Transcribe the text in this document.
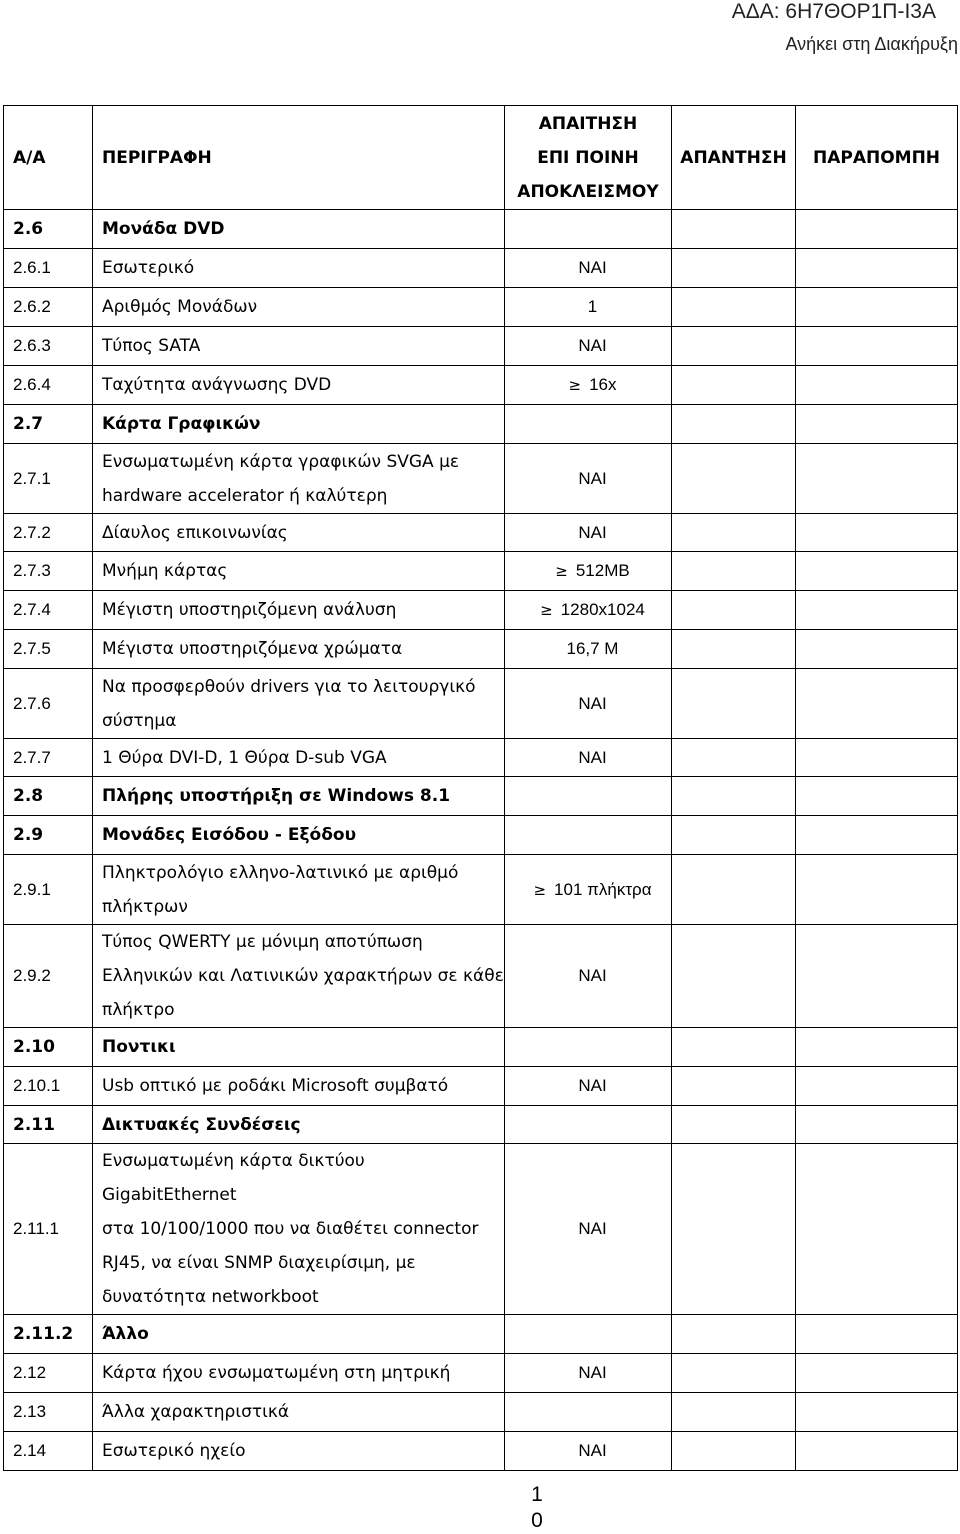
ΑΔΑ: 6Η7ΘΟΡ1Π-Ι3Α
Ανήκει στη Διακήρυξη
Α/Α	ΠΕΡΙΓΡΑΦΗ	ΑΠΑΙΤΗΣΗ
ΕΠΙ ΠΟΙΝΗ
ΑΠΟΚΛΕΙΣΜΟΥ	ΑΠΑΝΤΗΣΗ	ΠΑΡΑΠΟΜΠΗ
2.6	Μονάδα DVD			
2.6.1	Εσωτερικό	ΝΑΙ		
2.6.2	Αριθμός Μονάδων	1		
2.6.3	Τύπος SATA	ΝΑΙ		
2.6.4	Ταχύτητα ανάγνωσης DVD	≥ 16x		
2.7	Κάρτα Γραφικών			
2.7.1	Ενσωματωμένη κάρτα γραφικών SVGA με
hardware accelerator ή καλύτερη	ΝΑΙ		
2.7.2	Δίαυλος επικοινωνίας	ΝΑΙ		
2.7.3	Μνήμη κάρτας	≥ 512MB		
2.7.4	Μέγιστη υποστηριζόμενη ανάλυση	≥ 1280x1024		
2.7.5	Μέγιστα υποστηριζόμενα χρώματα	16,7 M		
2.7.6	Να προσφερθούν drivers για το λειτουργικό
σύστημα	ΝΑΙ		
2.7.7	1 Θύρα DVI-D, 1 Θύρα D-sub VGA	ΝΑΙ		
2.8	Πλήρης υποστήριξη σε Windows 8.1			
2.9	Μονάδες Εισόδου - Εξόδου			
2.9.1	Πληκτρολόγιο ελληνο-λατινικό με αριθμό
πλήκτρων	≥ 101 πλήκτρα		
2.9.2	Τύπος QWERTY με μόνιμη αποτύπωση
Ελληνικών και Λατινικών χαρακτήρων σε κάθε
πλήκτρο	ΝΑΙ		
2.10	Ποντικι			
2.10.1	Usb οπτικό με ροδάκι Microsoft συμβατό	ΝΑΙ		
2.11	Δικτυακές Συνδέσεις			
2.11.1	Ενσωματωμένη κάρτα δικτύου GigabitEthernet
στα 10/100/1000 που να διαθέτει connector
RJ45, να είναι SNMP διαχειρίσιμη, με
δυνατότητα networkboot	ΝΑΙ		
2.11.2	Άλλο			
2.12	Κάρτα ήχου ενσωματωμένη στη μητρική	ΝΑΙ		
2.13	Άλλα χαρακτηριστικά			
2.14	Εσωτερικό ηχείο	ΝΑΙ		
1
0
